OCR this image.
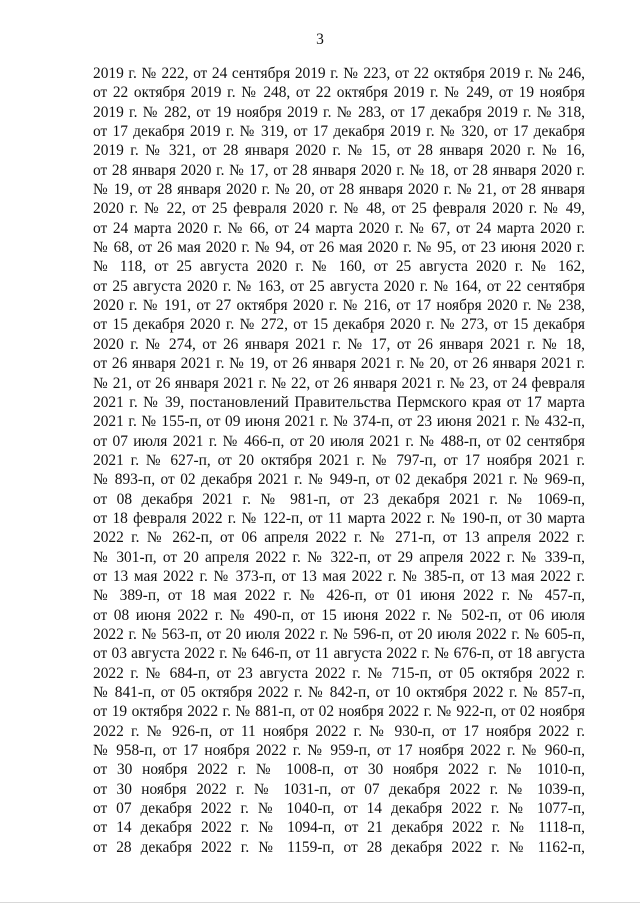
3
2019 г. № 222, от 24 сентября 2019 г. № 223, от 22 октября 2019 г. № 246,
от 22 октября 2019 г. № 248, от 22 октября 2019 г. № 249, от 19 ноября
2019 г. № 282, от 19 ноября 2019 г. № 283, от 17 декабря 2019 г. № 318,
от 17 декабря 2019 г. № 319, от 17 декабря 2019 г. № 320, от 17 декабря
2019 г. № 321, от 28 января 2020 г. № 15, от 28 января 2020 г. № 16,
от 28 января 2020 г. № 17, от 28 января 2020 г. № 18, от 28 января 2020 г.
№ 19, от 28 января 2020 г. № 20, от 28 января 2020 г. № 21, от 28 января
2020 г. № 22, от 25 февраля 2020 г. № 48, от 25 февраля 2020 г. № 49,
от 24 марта 2020 г. № 66, от 24 марта 2020 г. № 67, от 24 марта 2020 г.
№ 68, от 26 мая 2020 г. № 94, от 26 мая 2020 г. № 95, от 23 июня 2020 г.
№ 118, от 25 августа 2020 г. № 160, от 25 августа 2020 г. № 162,
от 25 августа 2020 г. № 163, от 25 августа 2020 г. № 164, от 22 сентября
2020 г. № 191, от 27 октября 2020 г. № 216, от 17 ноября 2020 г. № 238,
от 15 декабря 2020 г. № 272, от 15 декабря 2020 г. № 273, от 15 декабря
2020 г. № 274, от 26 января 2021 г. № 17, от 26 января 2021 г. № 18,
от 26 января 2021 г. № 19, от 26 января 2021 г. № 20, от 26 января 2021 г.
№ 21, от 26 января 2021 г. № 22, от 26 января 2021 г. № 23, от 24 февраля
2021 г. № 39, постановлений Правительства Пермского края от 17 марта
2021 г. № 155-п, от 09 июня 2021 г. № 374-п, от 23 июня 2021 г. № 432-п,
от 07 июля 2021 г. № 466-п, от 20 июля 2021 г. № 488-п, от 02 сентября
2021 г. № 627-п, от 20 октября 2021 г. № 797-п, от 17 ноября 2021 г.
№ 893-п, от 02 декабря 2021 г. № 949-п, от 02 декабря 2021 г. № 969-п,
от 08 декабря 2021 г. № 981-п, от 23 декабря 2021 г. № 1069-п,
от 18 февраля 2022 г. № 122-п, от 11 марта 2022 г. № 190-п, от 30 марта
2022 г. № 262-п, от 06 апреля 2022 г. № 271-п, от 13 апреля 2022 г.
№ 301-п, от 20 апреля 2022 г. № 322-п, от 29 апреля 2022 г. № 339-п,
от 13 мая 2022 г. № 373-п, от 13 мая 2022 г. № 385-п, от 13 мая 2022 г.
№ 389-п, от 18 мая 2022 г. № 426-п, от 01 июня 2022 г. № 457-п,
от 08 июня 2022 г. № 490-п, от 15 июня 2022 г. № 502-п, от 06 июля
2022 г. № 563-п, от 20 июля 2022 г. № 596-п, от 20 июля 2022 г. № 605-п,
от 03 августа 2022 г. № 646-п, от 11 августа 2022 г. № 676-п, от 18 августа
2022 г. № 684-п, от 23 августа 2022 г. № 715-п, от 05 октября 2022 г.
№ 841-п, от 05 октября 2022 г. № 842-п, от 10 октября 2022 г. № 857-п,
от 19 октября 2022 г. № 881-п, от 02 ноября 2022 г. № 922-п, от 02 ноября
2022 г. № 926-п, от 11 ноября 2022 г. № 930-п, от 17 ноября 2022 г.
№ 958-п, от 17 ноября 2022 г. № 959-п, от 17 ноября 2022 г. № 960-п,
от 30 ноября 2022 г. № 1008-п, от 30 ноября 2022 г. № 1010-п,
от 30 ноября 2022 г. № 1031-п, от 07 декабря 2022 г. № 1039-п,
от 07 декабря 2022 г. № 1040-п, от 14 декабря 2022 г. № 1077-п,
от 14 декабря 2022 г. № 1094-п, от 21 декабря 2022 г. № 1118-п,
от 28 декабря 2022 г. № 1159-п, от 28 декабря 2022 г. № 1162-п,
